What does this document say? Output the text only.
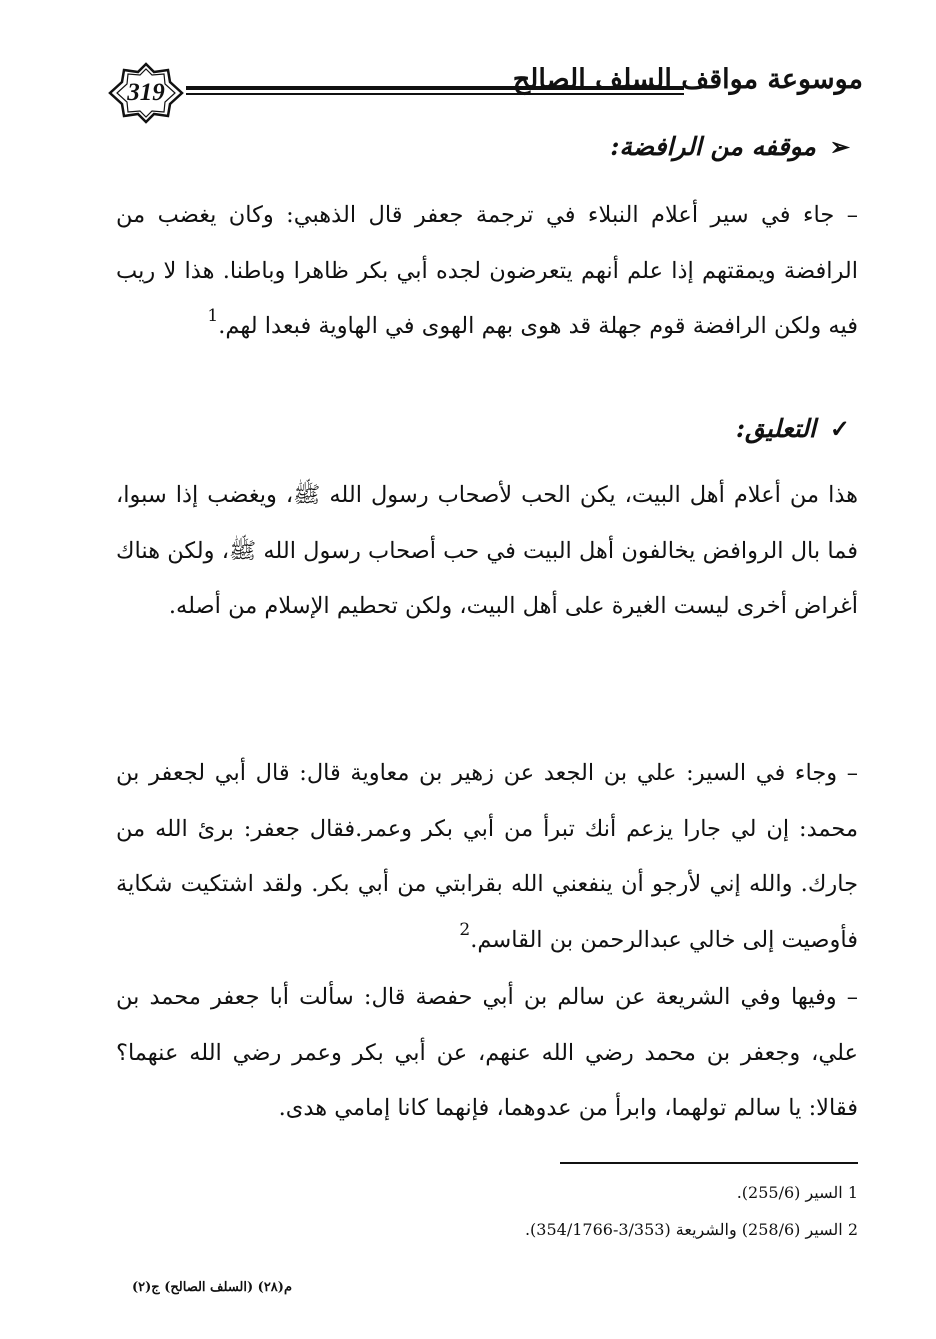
319	موسوعة مواقف السلف الصالح
➢موقفه من الرافضة:
– جاء في سير أعلام النبلاء في ترجمة جعفر قال الذهبي: وكان يغضب من الرافضة ويمقتهم إذا علم أنهم يتعرضون لجده أبي بكر ظاهرا وباطنا. هذا لا ريب فيه ولكن الرافضة قوم جهلة قد هوى بهم الهوى في الهاوية فبعدا لهم.$^1$
✓التعليق:
هذا من أعلام أهل البيت، يكن الحب لأصحاب رسول الله ﷺ، ويغضب إذا سبوا، فما بال الروافض يخالفون أهل البيت في حب أصحاب رسول الله ﷺ، ولكن هناك أغراض أخرى ليست الغيرة على أهل البيت، ولكن تحطيم الإسلام من أصله.
– وجاء في السير: علي بن الجعد عن زهير بن معاوية قال: قال أبي لجعفر بن محمد: إن لي جارا يزعم أنك تبرأ من أبي بكر وعمر.فقال جعفر: برئ الله من جارك. والله إني لأرجو أن ينفعني الله بقرابتي من أبي بكر. ولقد اشتكيت شكاية فأوصيت إلى خالي عبدالرحمن بن القاسم.$^2$
– وفيها وفي الشريعة عن سالم بن أبي حفصة قال: سألت أبا جعفر محمد بن علي، وجعفر بن محمد رضي الله عنهم، عن أبي بكر وعمر رضي الله عنهما؟ فقالا: يا سالم تولهما، وابرأ من عدوهما، فإنهما كانا إمامي هدى.
1 السير (255/6).
2 السير (258/6) والشريعة (3/353-354/1766).
م(٢٨) (السلف الصالح) ج(٢)
